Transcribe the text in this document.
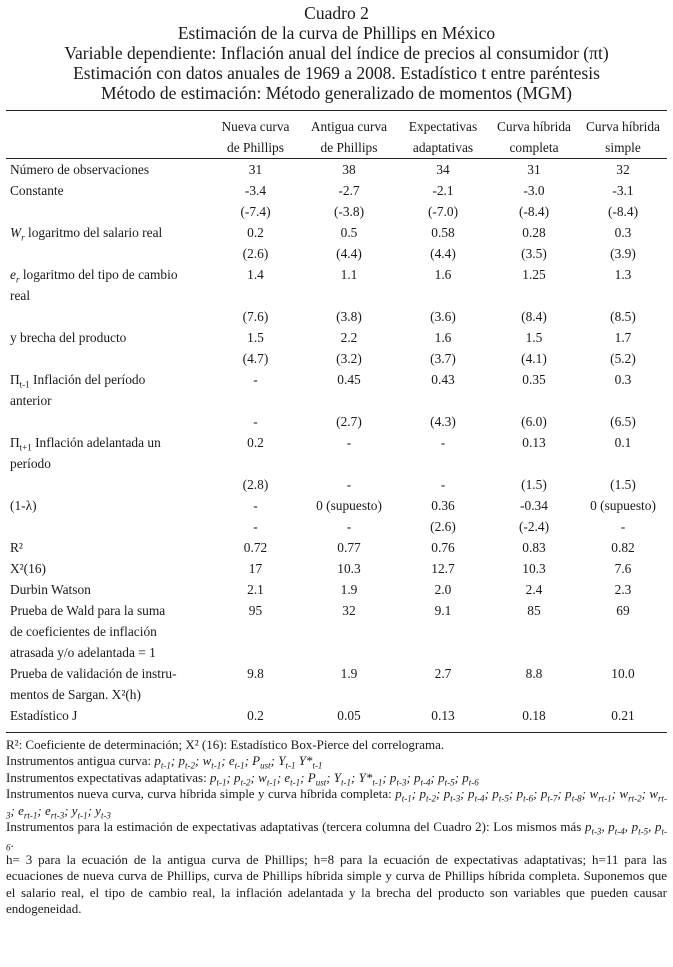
Cuadro 2
Estimación de la curva de Phillips en México
Variable dependiente: Inflación anual del índice de precios al consumidor (πt)
Estimación con datos anuales de 1969 a 2008. Estadístico t entre paréntesis
Método de estimación: Método generalizado de momentos (MGM)

	Nueva curva	Antigua curva	Expectativas	Curva híbrida	Curva híbrida
	de Phillips	de Phillips	adaptativas	completa	simple
Número de observaciones	31	38	34	31	32
Constante	-3.4	-2.7	-2.1	-3.0	-3.1
	(-7.4)	(-3.8)	(-7.0)	(-8.4)	(-8.4)
$W_r$ logaritmo del salario real	0.2	0.5	0.58	0.28	0.3
	(2.6)	(4.4)	(4.4)	(3.5)	(3.9)
$e_r$ logaritmo del tipo de cambio	1.4	1.1	1.6	1.25	1.3
real					
	(7.6)	(3.8)	(3.6)	(8.4)	(8.5)
y brecha del producto	1.5	2.2	1.6	1.5	1.7
	(4.7)	(3.2)	(3.7)	(4.1)	(5.2)
$\Pi_{t-1}$ Inflación del período	-	0.45	0.43	0.35	0.3
anterior					
	-	(2.7)	(4.3)	(6.0)	(6.5)
$\Pi_{t+1}$ Inflación adelantada un	0.2	-	-	0.13	0.1
período					
	(2.8)	-	-	(1.5)	(1.5)
(1-λ)	-	0 (supuesto)	0.36	-0.34	0 (supuesto)
	-	-	(2.6)	(-2.4)	-
R²	0.72	0.77	0.76	0.83	0.82
X²(16)	17	10.3	12.7	10.3	7.6
Durbin Watson	2.1	1.9	2.0	2.4	2.3
Prueba de Wald para la suma	95	32	9.1	85	69
de coeficientes de inflación					
atrasada y/o adelantada = 1					
Prueba de validación de instru-	9.8	1.9	2.7	8.8	10.0
mentos de Sargan. X²(h)					
Estadístico J	0.2	0.05	0.13	0.18	0.21

R²: Coeficiente de determinación; X² (16): Estadístico Box-Pierce del correlograma.

Instrumentos antigua curva: $p_{t-1}$; $p_{t-2}$; $w_{t-1}$; $e_{t-1}$; $P_{ust}$; $Y_{t-1}$ $Y*_{t-1}$

Instrumentos expectativas adaptativas: $p_{t-1}$; $p_{t-2}$; $w_{t-1}$; $e_{t-1}$; $P_{ust}$; $Y_{t-1}$; $Y*_{t-1}$; $p_{t-3}$; $p_{t-4}$; $p_{t-5}$; $p_{t-6}$

Instrumentos nueva curva, curva híbrida simple y curva híbrida completa: $p_{t-1}$; $p_{t-2}$; $p_{t-3}$; $p_{t-4}$; $p_{t-5}$; $p_{t-6}$; $p_{t-7}$; $p_{t-8}$; $w_{rt-1}$; $w_{rt-2}$; $w_{rt-3}$; $e_{rt-1}$; $e_{rt-3}$; $y_{t-1}$; $y_{t-3}$

Instrumentos para la estimación de expectativas adaptativas (tercera columna del Cuadro 2): Los mismos más $p_{t-3}$, $p_{t-4}$, $p_{t-5}$, $p_{t-6}$.

h= 3 para la ecuación de la antigua curva de Phillips; h=8 para la ecuación de expectativas adaptativas; h=11 para las ecuaciones de nueva curva de Phillips, curva de Phillips híbrida simple y curva de Phillips híbrida completa. Suponemos que el salario real, el tipo de cambio real, la inflación adelantada y la brecha del producto son variables que pueden causar endogeneidad.
